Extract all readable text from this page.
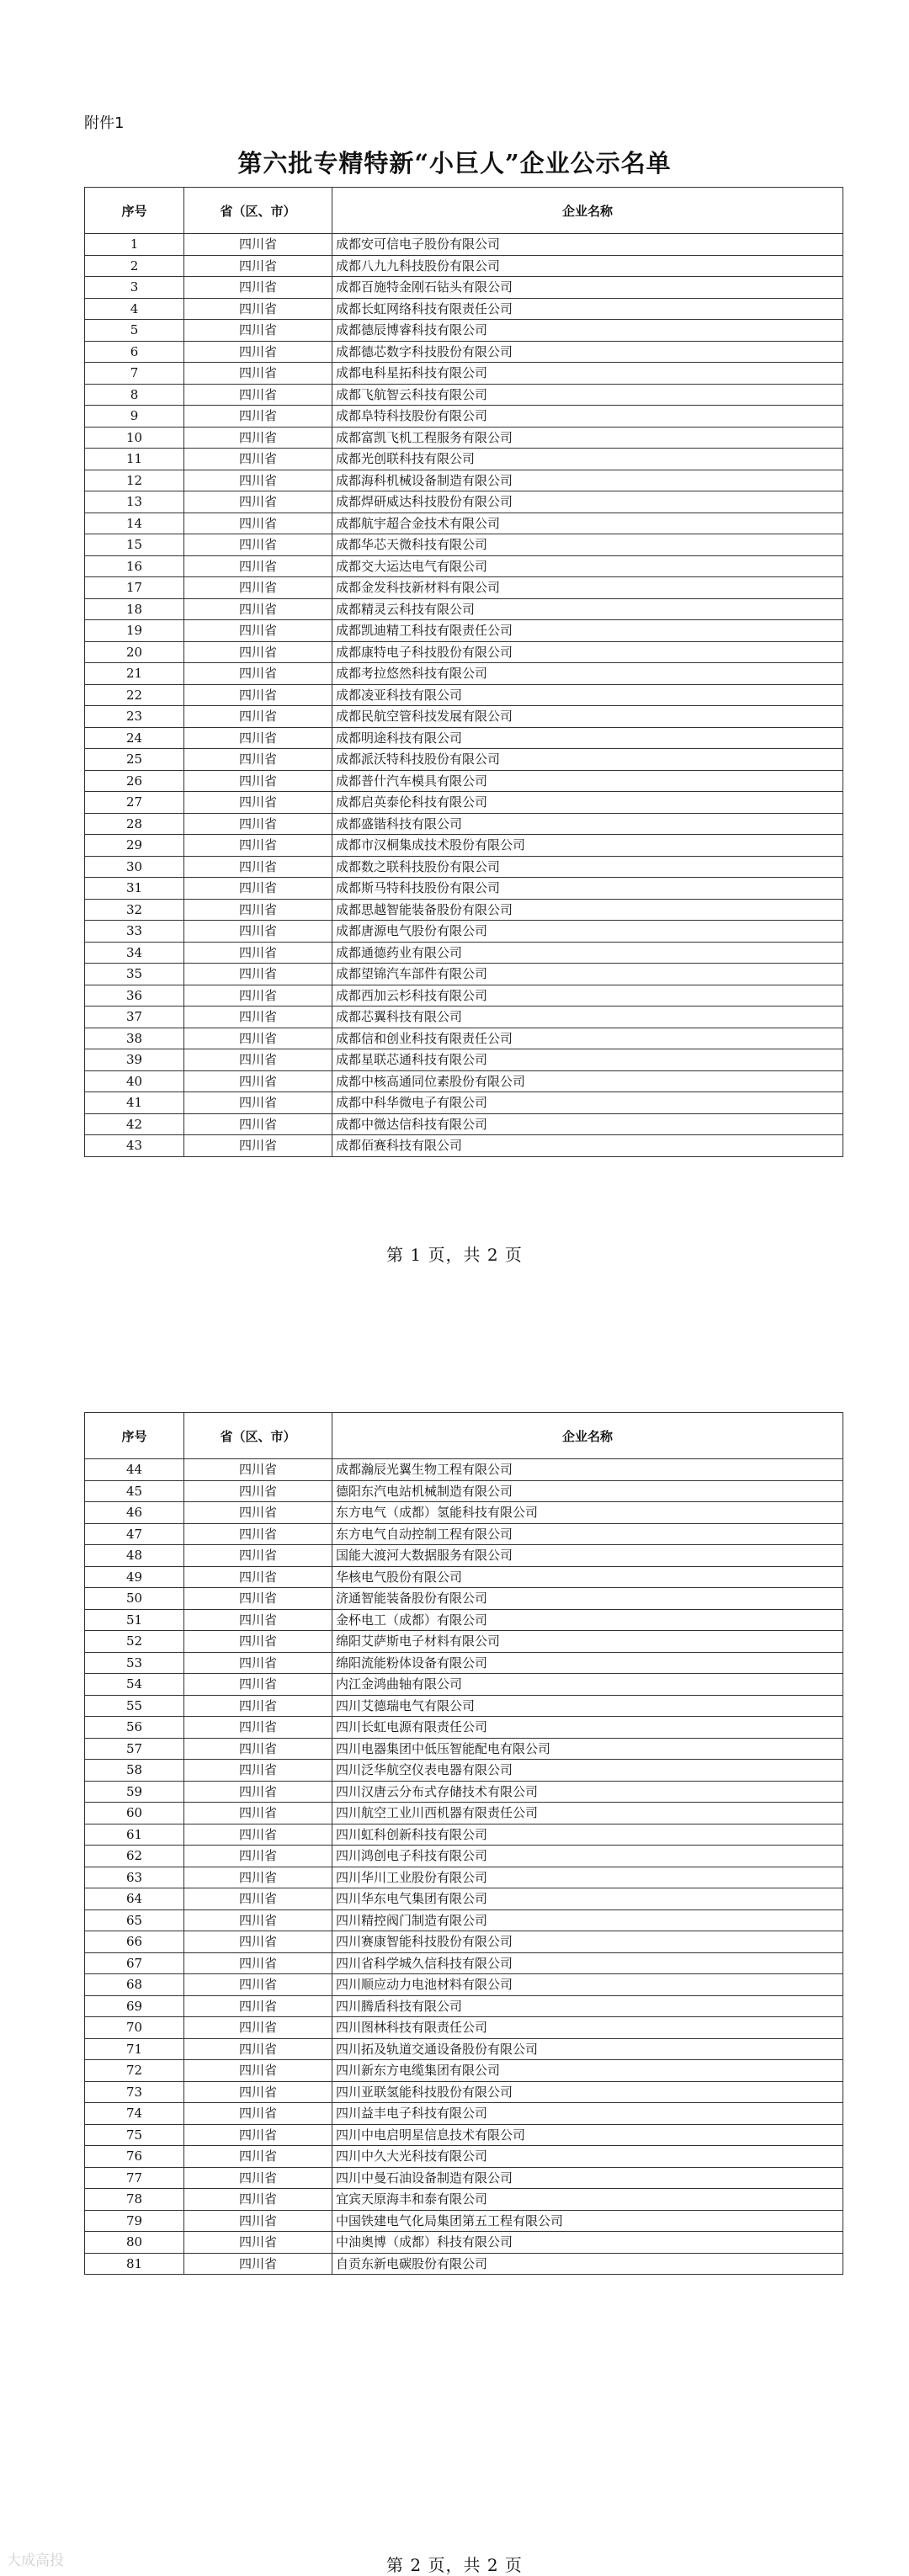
附件1
第六批专精特新“小巨人”企业公示名单
序号	省（区、市）	企业名称
1	四川省	成都安可信电子股份有限公司
2	四川省	成都八九九科技股份有限公司
3	四川省	成都百施特金刚石钻头有限公司
4	四川省	成都长虹网络科技有限责任公司
5	四川省	成都德辰博睿科技有限公司
6	四川省	成都德芯数字科技股份有限公司
7	四川省	成都电科星拓科技有限公司
8	四川省	成都飞航智云科技有限公司
9	四川省	成都阜特科技股份有限公司
10	四川省	成都富凯飞机工程服务有限公司
11	四川省	成都光创联科技有限公司
12	四川省	成都海科机械设备制造有限公司
13	四川省	成都焊研威达科技股份有限公司
14	四川省	成都航宇超合金技术有限公司
15	四川省	成都华芯天微科技有限公司
16	四川省	成都交大运达电气有限公司
17	四川省	成都金发科技新材料有限公司
18	四川省	成都精灵云科技有限公司
19	四川省	成都凯迪精工科技有限责任公司
20	四川省	成都康特电子科技股份有限公司
21	四川省	成都考拉悠然科技有限公司
22	四川省	成都凌亚科技有限公司
23	四川省	成都民航空管科技发展有限公司
24	四川省	成都明途科技有限公司
25	四川省	成都派沃特科技股份有限公司
26	四川省	成都普什汽车模具有限公司
27	四川省	成都启英泰伦科技有限公司
28	四川省	成都盛锴科技有限公司
29	四川省	成都市汉桐集成技术股份有限公司
30	四川省	成都数之联科技股份有限公司
31	四川省	成都斯马特科技股份有限公司
32	四川省	成都思越智能装备股份有限公司
33	四川省	成都唐源电气股份有限公司
34	四川省	成都通德药业有限公司
35	四川省	成都望锦汽车部件有限公司
36	四川省	成都西加云杉科技有限公司
37	四川省	成都芯翼科技有限公司
38	四川省	成都信和创业科技有限责任公司
39	四川省	成都星联芯通科技有限公司
40	四川省	成都中核高通同位素股份有限公司
41	四川省	成都中科华微电子有限公司
42	四川省	成都中微达信科技有限公司
43	四川省	成都佰赛科技有限公司
第 1 页，共 2 页
序号	省（区、市）	企业名称
44	四川省	成都瀚辰光翼生物工程有限公司
45	四川省	德阳东汽电站机械制造有限公司
46	四川省	东方电气（成都）氢能科技有限公司
47	四川省	东方电气自动控制工程有限公司
48	四川省	国能大渡河大数据服务有限公司
49	四川省	华核电气股份有限公司
50	四川省	济通智能装备股份有限公司
51	四川省	金杯电工（成都）有限公司
52	四川省	绵阳艾萨斯电子材料有限公司
53	四川省	绵阳流能粉体设备有限公司
54	四川省	内江金鸿曲轴有限公司
55	四川省	四川艾德瑞电气有限公司
56	四川省	四川长虹电源有限责任公司
57	四川省	四川电器集团中低压智能配电有限公司
58	四川省	四川泛华航空仪表电器有限公司
59	四川省	四川汉唐云分布式存储技术有限公司
60	四川省	四川航空工业川西机器有限责任公司
61	四川省	四川虹科创新科技有限公司
62	四川省	四川鸿创电子科技有限公司
63	四川省	四川华川工业股份有限公司
64	四川省	四川华东电气集团有限公司
65	四川省	四川精控阀门制造有限公司
66	四川省	四川赛康智能科技股份有限公司
67	四川省	四川省科学城久信科技有限公司
68	四川省	四川顺应动力电池材料有限公司
69	四川省	四川腾盾科技有限公司
70	四川省	四川图林科技有限责任公司
71	四川省	四川拓及轨道交通设备股份有限公司
72	四川省	四川新东方电缆集团有限公司
73	四川省	四川亚联氢能科技股份有限公司
74	四川省	四川益丰电子科技有限公司
75	四川省	四川中电启明星信息技术有限公司
76	四川省	四川中久大光科技有限公司
77	四川省	四川中曼石油设备制造有限公司
78	四川省	宜宾天原海丰和泰有限公司
79	四川省	中国铁建电气化局集团第五工程有限公司
80	四川省	中油奥博（成都）科技有限公司
81	四川省	自贡东新电碳股份有限公司
第 2 页，共 2 页
大成高投
